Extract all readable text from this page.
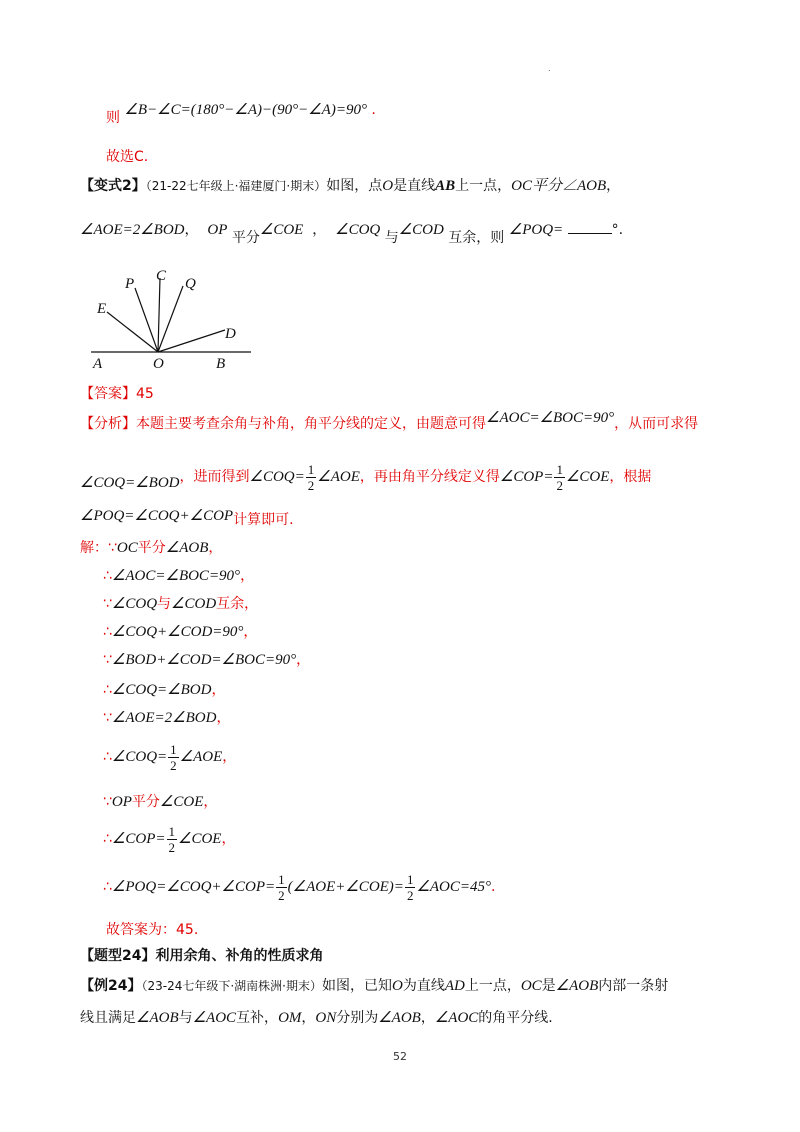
.
则 ∠B−∠C=(180°−∠A)−(90°−∠A)=90° .
故选C.
【变式2】（21-22七年级上·福建厦门·期末）如图，点O是直线AB上一点，OC平分∠AOB，
∠AOE=2∠BOD， OP 平分∠COE ， ∠COQ 与∠COD 互余，则 ∠POQ=	°.
A	O	B
C
P	Q
E
D
【答案】45
【分析】本题主要考查余角与补角，角平分线的定义，由题意可得∠AOC=∠BOC=90°，从而可求得
∠COQ=∠BOD，进而得到∠COQ= $\frac{1}{2}$ ∠AOE，再由角平分线定义得∠COP= $\frac{1}{2}$ ∠COE，根据
∠POQ=∠COQ+∠COP计算即可.
解：∵OC平分∠AOB，
∴∠AOC=∠BOC=90°，
∵∠COQ与∠COD互余，
∴∠COQ+∠COD=90°，
∵∠BOD+∠COD=∠BOC=90°，
∴∠COQ=∠BOD，
∵∠AOE=2∠BOD，
∴∠COQ= $\frac{1}{2}$ ∠AOE，
∵OP平分∠COE，
∴∠COP= $\frac{1}{2}$ ∠COE，
∴∠POQ=∠COQ+∠COP= $\frac{1}{2}$ (∠AOE+∠COE)= $\frac{1}{2}$ ∠AOC=45°.
故答案为：45.
【题型24】利用余角、补角的性质求角
【例24】（23-24七年级下·湖南株洲·期末）如图，已知O为直线AD上一点，OC是∠AOB内部一条射
线且满足∠AOB与∠AOC互补，OM，ON分别为∠AOB，∠AOC的角平分线.
52
